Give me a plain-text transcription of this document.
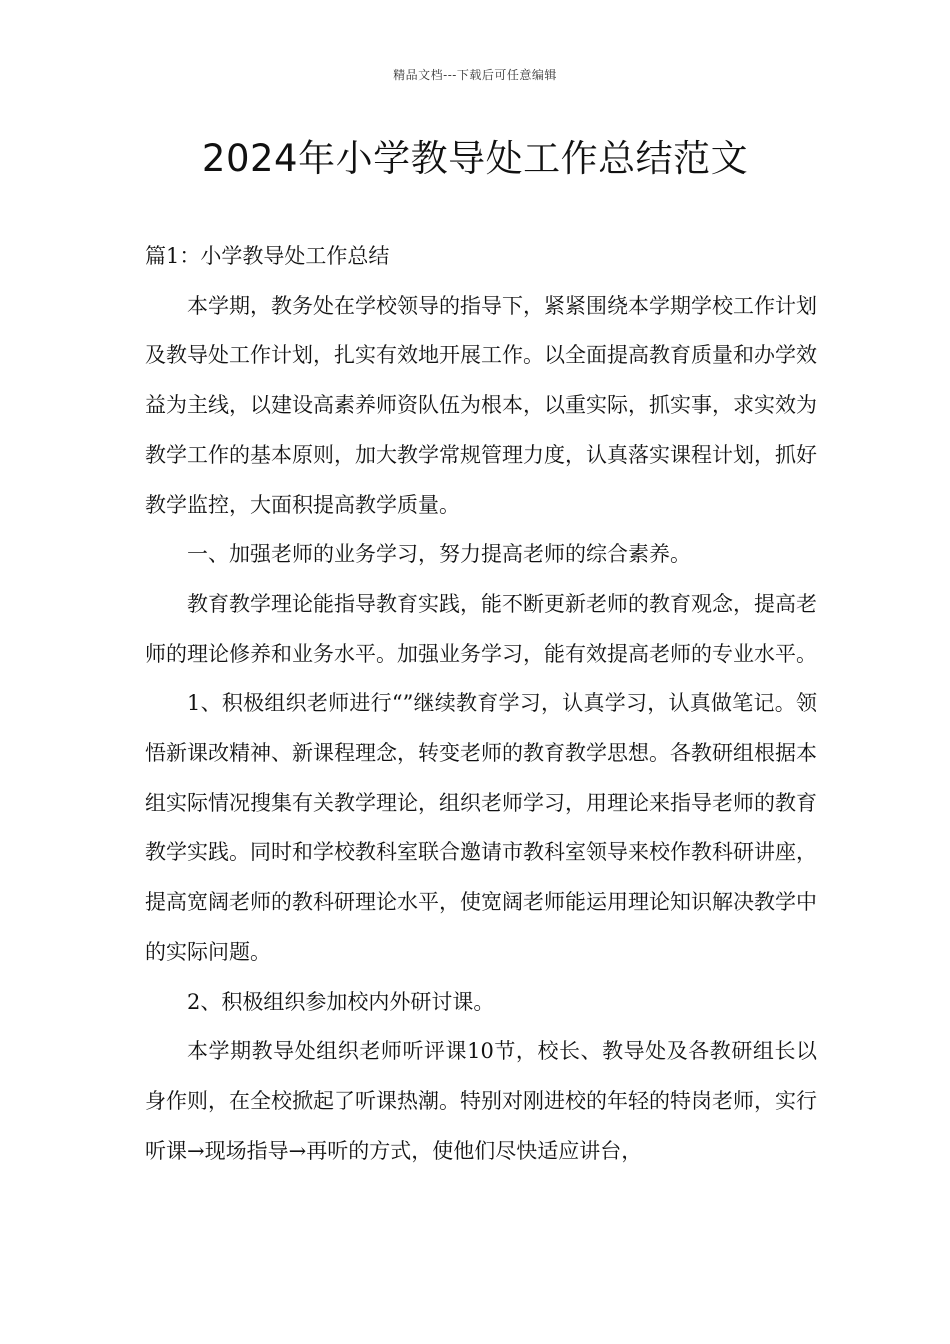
精品文档---下载后可任意编辑
2024年小学教导处工作总结范文

篇1：小学教导处工作总结

本学期，教务处在学校领导的指导下，紧紧围绕本学期学校工作计划及教导处工作计划，扎实有效地开展工作。以全面提高教育质量和办学效益为主线，以建设高素养师资队伍为根本，以重实际，抓实事，求实效为教学工作的基本原则，加大教学常规管理力度，认真落实课程计划，抓好教学监控，大面积提高教学质量。

一、加强老师的业务学习，努力提高老师的综合素养。

教育教学理论能指导教育实践，能不断更新老师的教育观念，提高老师的理论修养和业务水平。加强业务学习，能有效提高老师的专业水平。

1、积极组织老师进行“”继续教育学习，认真学习，认真做笔记。领悟新课改精神、新课程理念，转变老师的教育教学思想。各教研组根据本组实际情况搜集有关教学理论，组织老师学习，用理论来指导老师的教育教学实践。同时和学校教科室联合邀请市教科室领导来校作教科研讲座，提高宽阔老师的教科研理论水平，使宽阔老师能运用理论知识解决教学中的实际问题。

2、积极组织参加校内外研讨课。

本学期教导处组织老师听评课10节，校长、教导处及各教研组长以身作则，在全校掀起了听课热潮。特别对刚进校的年轻的特岗老师，实行听课→现场指导→再听的方式，使他们尽快适应讲台，
